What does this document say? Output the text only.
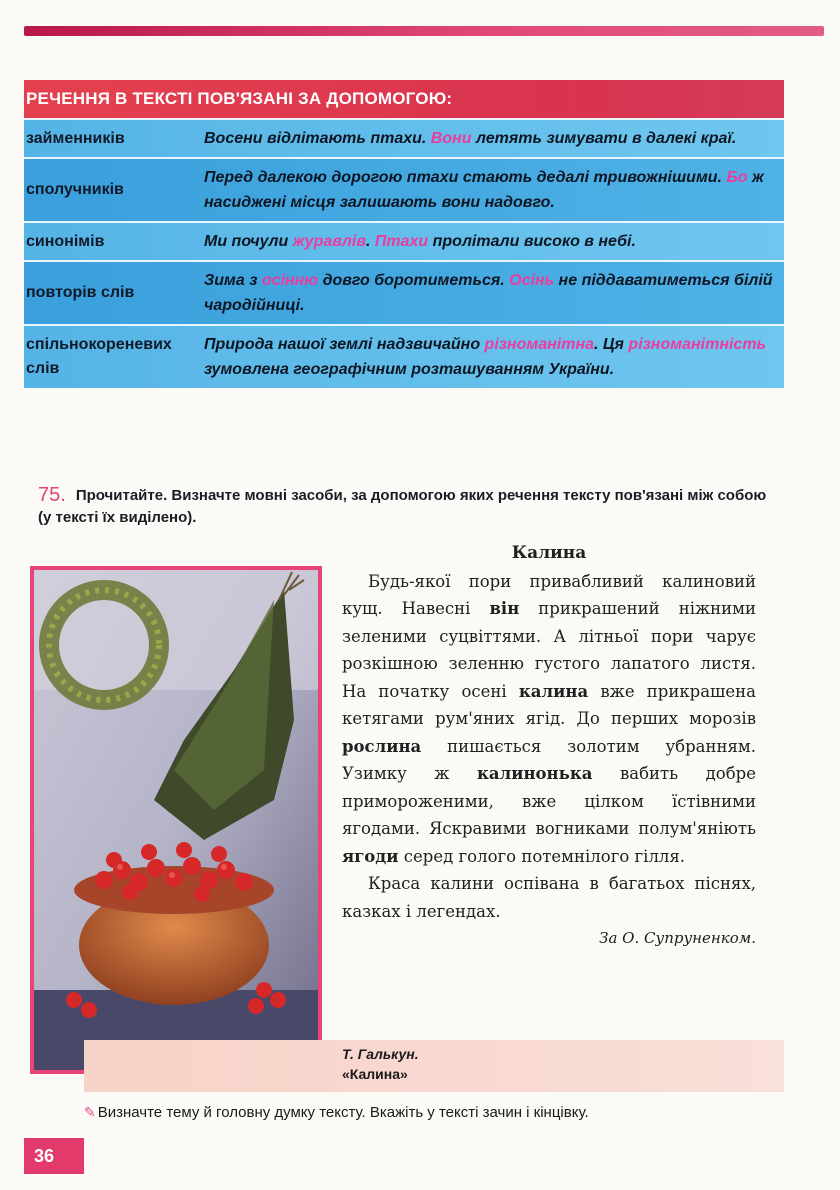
РЕЧЕННЯ В ТЕКСТІ ПОВ'ЯЗАНІ ЗА ДОПОМОГОЮ:
займенників	Восени відлітають птахи. Вони летять зимувати в далекі краї.
сполучників
Перед далекою дорогою птахи стають дедалі тривожнішими. Бо ж насиджені місця залишають вони надовго.
синонімів	Ми почули журавлів. Птахи пролітали високо в небі.
повторів слів
Зима з осінню довго боротиметься. Осінь не піддаватиметься білій чародійниці.
спільнокореневих слів
Природа нашої землі надзвичайно різноманітна. Ця різноманітність зумовлена географічним розташуванням України.
75. Прочитайте. Визначте мовні засоби, за допомогою яких речення тексту пов'язані між собою (у тексті їх виділено).
Т. Галькун.
«Калина»
Калина

Будь-якої пори привабливий калиновий кущ. Навесні він прикрашений ніжними зеленими суцвіттями. А літньої пори чарує розкішною зеленню густого лапатого листя. На початку осені калина вже прикрашена кетягами рум'яних ягід. До перших морозів рослина пишається золотим убранням. Узимку ж калинонька вабить добре примороженими, вже цілком їстівними ягодами. Яскравими вогниками полум'яніють ягоди серед голого потемнілого гілля.

Краса калини оспівана в багатьох піснях, казках і легендах.

За О. Супруненком.
✎ Визначте тему й головну думку тексту. Вкажіть у тексті зачин і кінцівку.
36
